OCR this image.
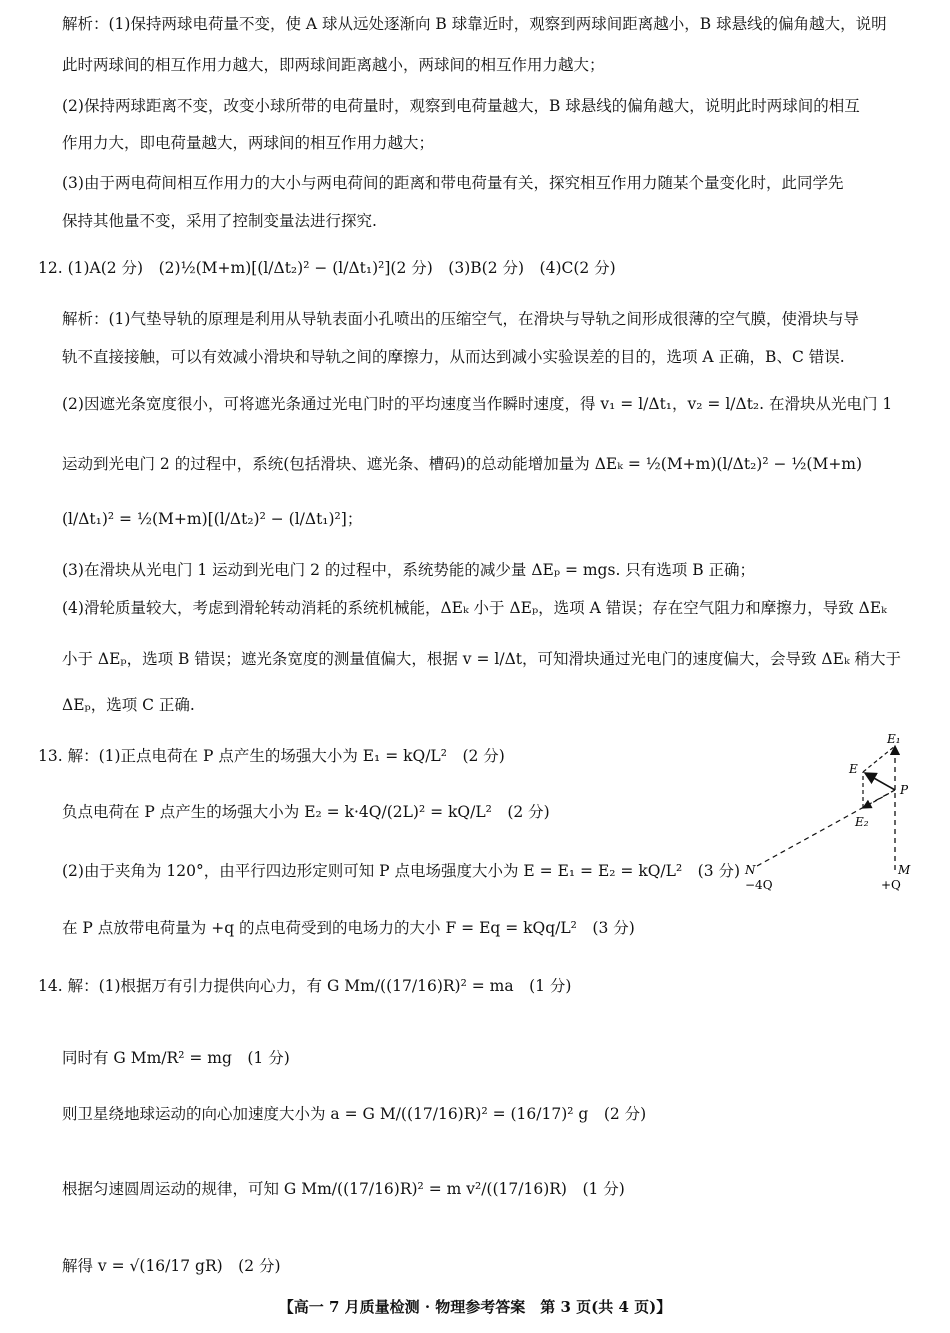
解析：(1)保持两球电荷量不变，使 A 球从远处逐渐向 B 球靠近时，观察到两球间距离越小，B 球悬线的偏角越大，说明
此时两球间的相互作用力越大，即两球间距离越小，两球间的相互作用力越大；
(2)保持两球距离不变，改变小球所带的电荷量时，观察到电荷量越大，B 球悬线的偏角越大，说明此时两球间的相互
作用力大，即电荷量越大，两球间的相互作用力越大；
(3)由于两电荷间相互作用力的大小与两电荷间的距离和带电荷量有关，探究相互作用力随某个量变化时，此同学先
保持其他量不变，采用了控制变量法进行探究.
12. (1)A(2 分)　(2)½(M+m)[(l/Δt₂)² − (l/Δt₁)²](2 分)　(3)B(2 分)　(4)C(2 分)
解析：(1)气垫导轨的原理是利用从导轨表面小孔喷出的压缩空气，在滑块与导轨之间形成很薄的空气膜，使滑块与导
轨不直接接触，可以有效减小滑块和导轨之间的摩擦力，从而达到减小实验误差的目的，选项 A 正确，B、C 错误.
(2)因遮光条宽度很小，可将遮光条通过光电门时的平均速度当作瞬时速度，得 v₁ = l/Δt₁，v₂ = l/Δt₂. 在滑块从光电门 1
运动到光电门 2 的过程中，系统(包括滑块、遮光条、槽码)的总动能增加量为 ΔEₖ = ½(M+m)(l/Δt₂)² − ½(M+m)
(l/Δt₁)² = ½(M+m)[(l/Δt₂)² − (l/Δt₁)²]；
(3)在滑块从光电门 1 运动到光电门 2 的过程中，系统势能的减少量 ΔEₚ = mgs. 只有选项 B 正确；
(4)滑轮质量较大，考虑到滑轮转动消耗的系统机械能，ΔEₖ 小于 ΔEₚ，选项 A 错误；存在空气阻力和摩擦力，导致 ΔEₖ
小于 ΔEₚ，选项 B 错误；遮光条宽度的测量值偏大，根据 v = l/Δt，可知滑块通过光电门的速度偏大，会导致 ΔEₖ 稍大于
ΔEₚ，选项 C 正确.
13. 解：(1)正点电荷在 P 点产生的场强大小为 E₁ = kQ/L²　(2 分)
负点电荷在 P 点产生的场强大小为 E₂ = k·4Q/(2L)² = kQ/L²　(2 分)
(2)由于夹角为 120°，由平行四边形定则可知 P 点电场强度大小为 E = E₁ = E₂ = kQ/L²　(3 分)
在 P 点放带电荷量为 +q 的点电荷受到的电场力的大小 F = Eq = kQq/L²　(3 分)
E₁
E
E₂
P
N	M
−4Q	+Q
14. 解：(1)根据万有引力提供向心力，有 G Mm/((17/16)R)² = ma　(1 分)
同时有 G Mm/R² = mg　(1 分)
则卫星绕地球运动的向心加速度大小为 a = G M/((17/16)R)² = (16/17)² g　(2 分)
根据匀速圆周运动的规律，可知 G Mm/((17/16)R)² = m v²/((17/16)R)　(1 分)
解得 v = √(16/17 gR)　(2 分)
【高一 7 月质量检测 · 物理参考答案　第 3 页(共 4 页)】
